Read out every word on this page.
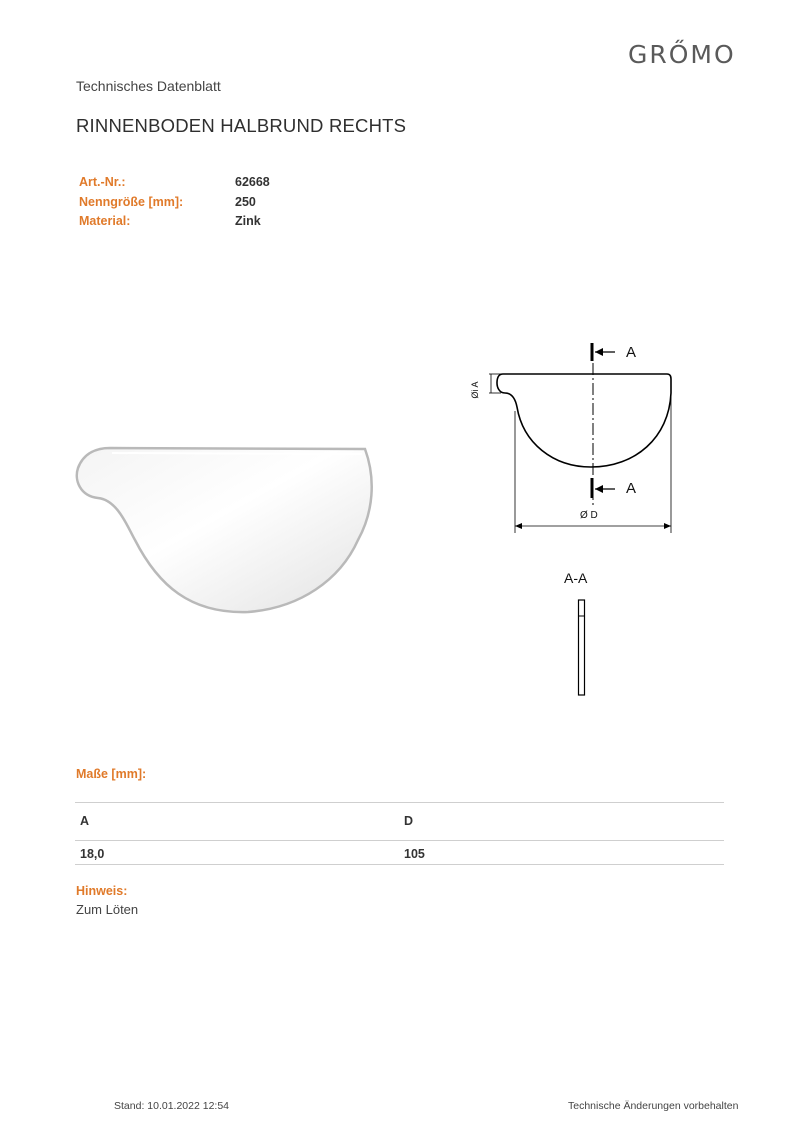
GRŐMO
Technisches Datenblatt
RINNENBODEN HALBRUND RECHTS
Art.-Nr.:	62668
Nenngröße [mm]:	250
Material:	Zink
A
A
Øi A
Ø D
A-A
Maße [mm]:
A	D
18,0	105
Hinweis:
Zum Löten
Stand: 10.01.2022 12:54	Technische Änderungen vorbehalten
